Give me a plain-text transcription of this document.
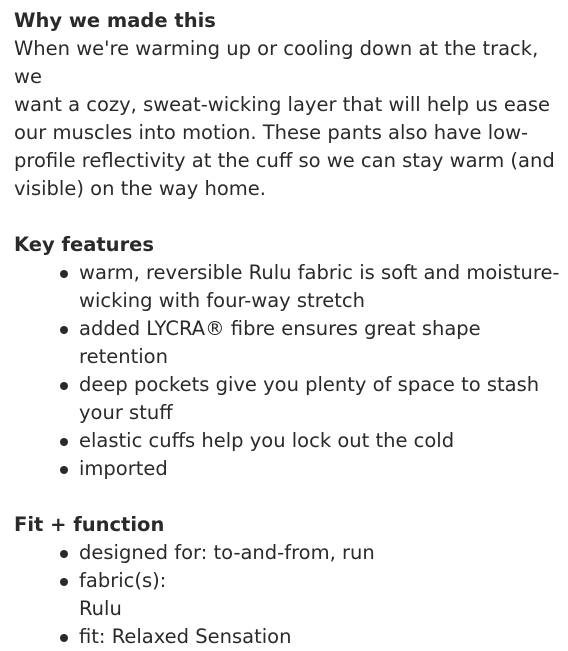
Why we made this
When we're warming up or cooling down at the track, we
want a cozy, sweat-wicking layer that will help us ease
our muscles into motion. These pants also have low-
profile reflectivity at the cuff so we can stay warm (and
visible) on the way home.
Key features
warm, reversible Rulu fabric is soft and moisture-
wicking with four-way stretch
added LYCRA® fibre ensures great shape retention
deep pockets give you plenty of space to stash
your stuff
elastic cuffs help you lock out the cold
imported
Fit + function
designed for: to-and-from, run
fabric(s):
Rulu
fit: Relaxed Sensation
